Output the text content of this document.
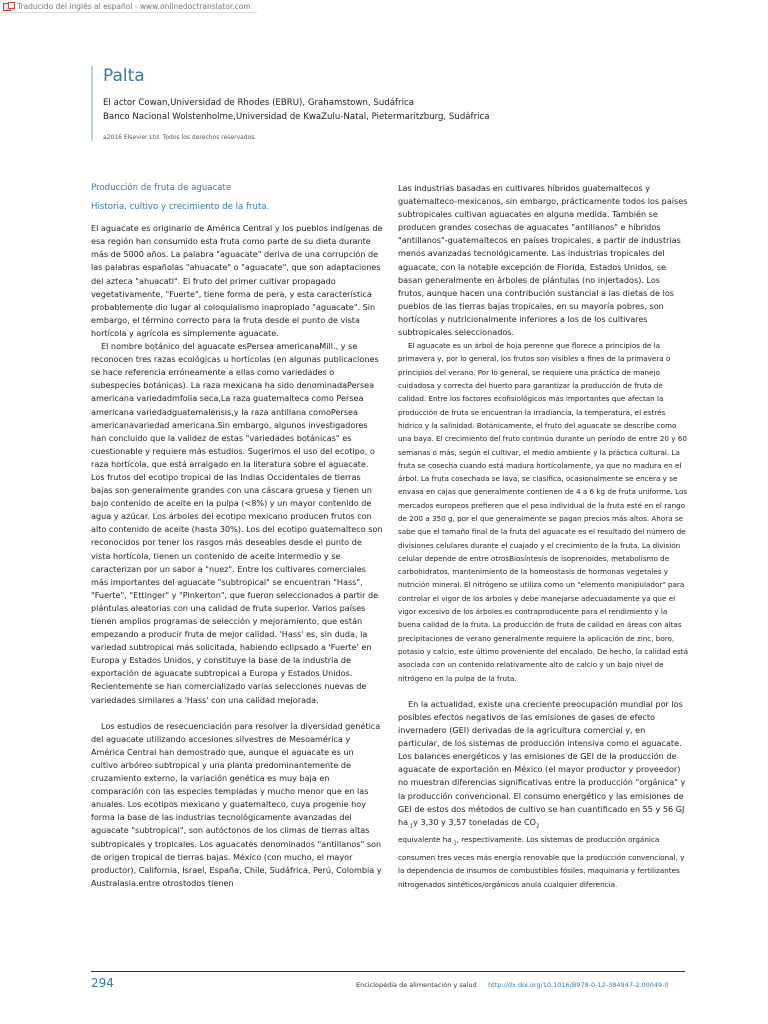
Traducido del inglés al español - www.onlinedoctranslator.com
Palta
El actor Cowan,Universidad de Rhodes (EBRU), Grahamstown, Sudáfrica
Banco Nacional Wolstenholme,Universidad de KwaZulu-Natal, Pietermaritzburg, Sudáfrica
a2016 Elsevier Ltd. Todos los derechos reservados.
Producción de fruta de aguacate
Historia, cultivo y crecimiento de la fruta.

El aguacate es originario de América Central y los pueblos indígenas de esa región han consumido esta fruta como parte de su dieta durante más de 5000 años. La palabra "aguacate" deriva de una corrupción de las palabras españolas "ahuacate" o "aguacate", que son adaptaciones del azteca "ahuacatl". El fruto del primer cultivar propagado vegetativamente, "Fuerte", tiene forma de pera, y esta característica probablemente dio lugar al coloquialismo inapropiado "aguacate". Sin embargo, el término correcto para la fruta desde el punto de vista hortícola y agrícola es simplemente aguacate.

El nombre botánico del aguacate esPersea americanaMill., y se reconocen tres razas ecológicas u hortícolas (en algunas publicaciones se hace referencia erróneamente a ellas como variedades o subespecies botánicas). La raza mexicana ha sido denominadaPersea americana variedadmfolia seca,La raza guatemalteca como Persea americana variedadguatemalensis,y la raza antillana comoPersea americanavariedad americana.Sin embargo, algunos investigadores han concluido que la validez de estas "variedades botánicas" es cuestionable y requiere más estudios. Sugerimos el uso del ecotipo, o raza hortícola, que está arraigado en la literatura sobre el aguacate. Los frutos del ecotipo tropical de las Indias Occidentales de tierras bajas son generalmente grandes con una cáscara gruesa y tienen un bajo contenido de aceite en la pulpa (<8%) y un mayor contenido de agua y azúcar. Los árboles del ecotipo mexicano producen frutos con alto contenido de aceite (hasta 30%). Los del ecotipo guatemalteco son reconocidos por tener los rasgos más deseables desde el punto de vista hortícola, tienen un contenido de aceite intermedio y se caracterizan por un sabor a "nuez". Entre los cultivares comerciales más importantes del aguacate "subtropical" se encuentran "Hass", "Fuerte", "Ettinger" y "Pinkerton", que fueron seleccionados a partir de plántulas aleatorias con una calidad de fruta superior. Varios países tienen amplios programas de selección y mejoramiento, que están empezando a producir fruta de mejor calidad. 'Hass' es, sin duda, la variedad subtropical más solicitada, habiendo eclipsado a 'Fuerte' en Europa y Estados Unidos, y constituye la base de la industria de exportación de aguacate subtropical a Europa y Estados Unidos. Recientemente se han comercializado varias selecciones nuevas de variedades similares a 'Hass' con una calidad mejorada.

Los estudios de resecuenciación para resolver la diversidad genética del aguacate utilizando accesiones silvestres de Mesoamérica y América Central han demostrado que, aunque el aguacate es un cultivo arbóreo subtropical y una planta predominantemente de cruzamiento externo, la variación genética es muy baja en comparación con las especies templadas y mucho menor que en las anuales. Los ecotipos mexicano y guatemalteco, cuya progenie hoy forma la base de las industrias tecnológicamente avanzadas del aguacate "subtropical", son autóctonos de los climas de tierras altas subtropicales y tropicales. Los aguacates denominados "antillanos" son de origen tropical de tierras bajas. México (con mucho, el mayor productor), California, Israel, España, Chile, Sudáfrica, Perú, Colombia y Australasia.entre otrostodos tienen

Las industrias basadas en cultivares híbridos guatemaltecos y guatemalteco-mexicanos, sin embargo, prácticamente todos los países subtropicales cultivan aguacates en alguna medida. También se producen grandes cosechas de aguacates "antillanos" e híbridos "antillanos"-guatemaltecos en países tropicales, a partir de industrias menos avanzadas tecnológicamente. Las industrias tropicales del aguacate, con la notable excepción de Florida, Estados Unidos, se basan generalmente en árboles de plántulas (no injertados). Los frutos, aunque hacen una contribución sustancial a las dietas de los pueblos de las tierras bajas tropicales, en su mayoría pobres, son hortícolas y nutricionalmente inferiores a los de los cultivares subtropicales seleccionados.

El aguacate es un árbol de hoja perenne que florece a principios de la primavera y, por lo general, los frutos son visibles a fines de la primavera o principios del verano. Por lo general, se requiere una práctica de manejo cuidadosa y correcta del huerto para garantizar la producción de fruta de calidad. Entre los factores ecofisiológicos más importantes que afectan la producción de fruta se encuentran la irradiancia, la temperatura, el estrés hídrico y la salinidad. Botánicamente, el fruto del aguacate se describe como una baya. El crecimiento del fruto continúa durante un período de entre 20 y 60 semanas o más, según el cultivar, el medio ambiente y la práctica cultural. La fruta se cosecha cuando está madura hortícolamente, ya que no madura en el árbol. La fruta cosechada se lava, se clasifica, ocasionalmente se encera y se envasa en cajas que generalmente contienen de 4 a 6 kg de fruta uniforme. Los mercados europeos prefieren que el peso individual de la fruta esté en el rango de 200 a 350 g, por el que generalmente se pagan precios más altos. Ahora se sabe que el tamaño final de la fruta del aguacate es el resultado del número de divisiones celulares durante el cuajado y el crecimiento de la fruta. La división celular depende de entre otrosBiosíntesis de isoprenoides, metabolismo de carbohidratos, mantenimiento de la homeostasis de hormonas vegetales y nutrición mineral. El nitrógeno se utiliza como un "elemento manipulador" para controlar el vigor de los árboles y debe manejarse adecuadamente ya que el vigor excesivo de los árboles es contraproducente para el rendimiento y la buena calidad de la fruta. La producción de fruta de calidad en áreas con altas precipitaciones de verano generalmente requiere la aplicación de zinc, boro, potasio y calcio, este último proveniente del encalado. De hecho, la calidad está asociada con un contenido relativamente alto de calcio y un bajo nivel de nitrógeno en la pulpa de la fruta.

En la actualidad, existe una creciente preocupación mundial por los posibles efectos negativos de las emisiones de gases de efecto invernadero (GEI) derivadas de la agricultura comercial y, en particular, de los sistemas de producción intensiva como el aguacate. Los balances energéticos y las emisiones de GEI de la producción de aguacate de exportación en México (el mayor productor y proveedor) no muestran diferencias significativas entre la producción "orgánica" y la producción convencional. El consumo energético y las emisiones de GEI de estos dos métodos de cultivo se han cuantificado en 55 y 56 GJ $ha_{-1}y$ 3,30 y 3,57 toneladas de $CO_2$

equivalente $ha_{-1}$, respectivamente. Los sistemas de producción orgánica consumen tres veces más energía renovable que la producción convencional, y la dependencia de insumos de combustibles fósiles, maquinaria y fertilizantes nitrogenados sintéticos/orgánicos anula cualquier diferencia.

294	Enciclopedia de alimentación y salud http://dx.doi.org/10.1016/B978-0-12-384947-2.00049-0
